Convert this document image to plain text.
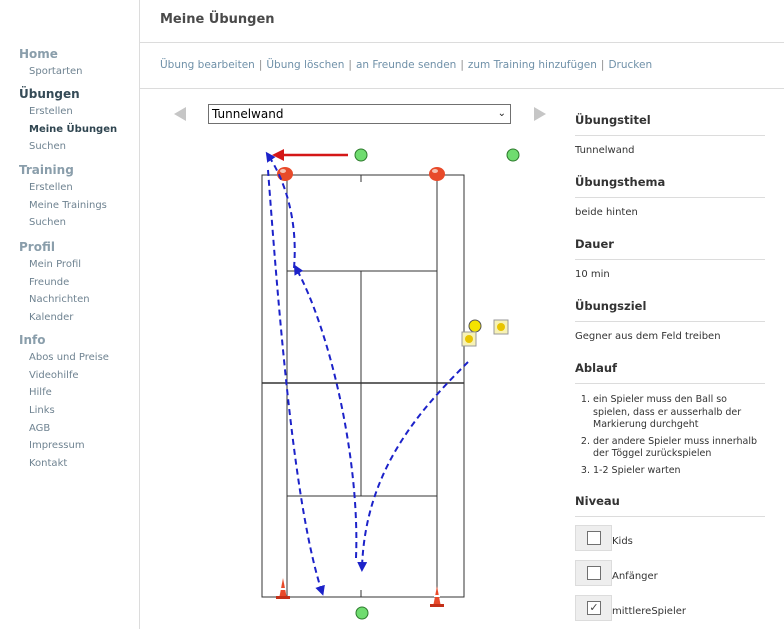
Home
Sportarten
Übungen
Erstellen
Meine Übungen
Suchen
Training
Erstellen
Meine Trainings
Suchen
Profil
Mein Profil
Freunde
Nachrichten
Kalender
Info
Abos und Preise
Videohilfe
Hilfe
Links
AGB
Impressum
Kontakt
Meine Übungen
Übung bearbeiten | Übung löschen | an Freunde senden | zum Training hinzufügen | Drucken
Tunnelwand	⌄	Übungstitel
Tunnelwand
Übungsthema
beide hinten
Dauer
10 min
Übungsziel
Gegner aus dem Feld treiben
Ablauf
1. ein Spieler muss den Ball so spielen, dass er ausserhalb der Markierung durchgeht
2. der andere Spieler muss innerhalb der Töggel zurückspielen
3. 1-2 Spieler warten
Niveau
Kids
Anfänger
✓ mittlereSpieler
